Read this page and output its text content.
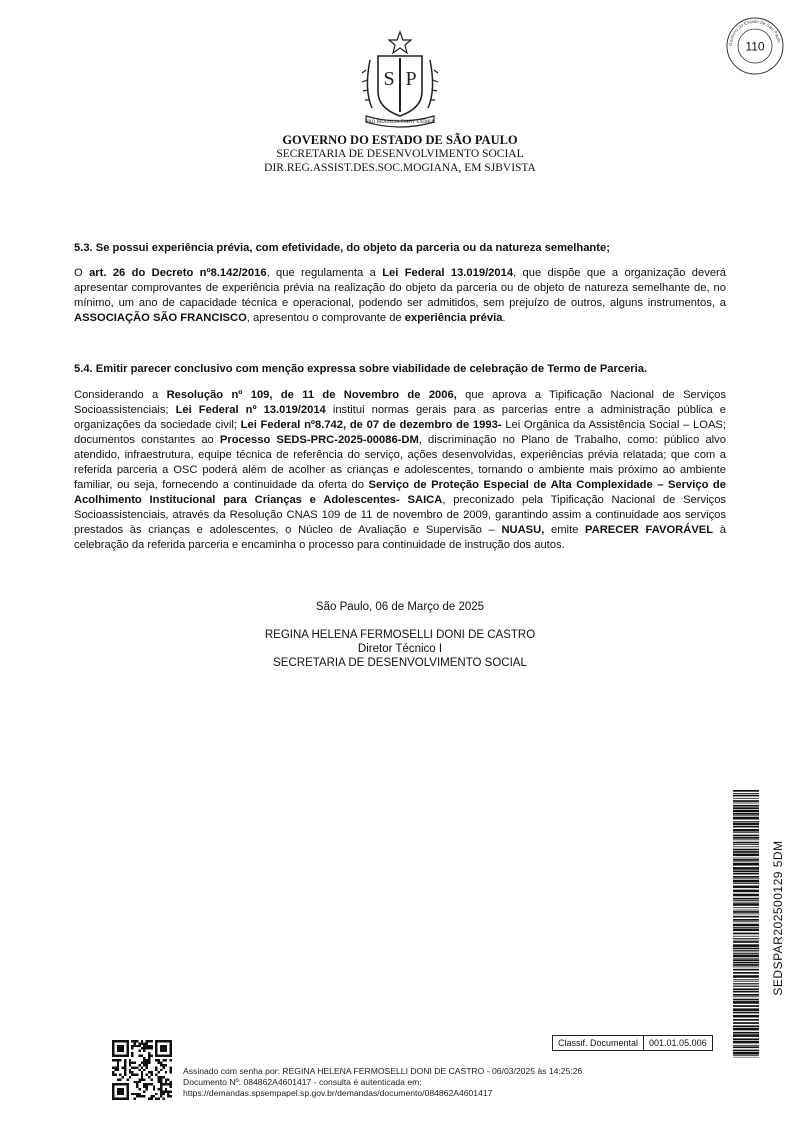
Governo do Estado de São Paulo
110
S P
PRO BRASILIA FIANT EXIMIA
GOVERNO DO ESTADO DE SÃO PAULO
SECRETARIA DE DESENVOLVIMENTO SOCIAL
DIR.REG.ASSIST.DES.SOC.MOGIANA, EM SJBVISTA
5.3. Se possui experiência prévia, com efetividade, do objeto da parceria ou da natureza semelhante;
O art. 26 do Decreto nº8.142/2016, que regulamenta a Lei Federal 13.019/2014, que dispõe que a organização deverá apresentar comprovantes de experiência prévia na realização do objeto da parceria ou de objeto de natureza semelhante de, no mínimo, um ano de capacidade técnica e operacional, podendo ser admitidos, sem prejuízo de outros, alguns instrumentos, a ASSOCIAÇÃO SÃO FRANCISCO, apresentou o comprovante de experiência prévia.
5.4. Emitir parecer conclusivo com menção expressa sobre viabilidade de celebração de Termo de Parceria.
Considerando a Resolução nº 109, de 11 de Novembro de 2006, que aprova a Tipificação Nacional de Serviços Socioassistenciais; Lei Federal nº 13.019/2014 institui normas gerais para as parcerias entre a administração pública e organizações da sociedade civil; Lei Federal nº8.742, de 07 de dezembro de 1993- Lei Orgânica da Assistência Social – LOAS; documentos constantes ao Processo SEDS-PRC-2025-00086-DM, discriminação no Plano de Trabalho, como: público alvo atendido, infraestrutura, equipe técnica de referência do serviço, ações desenvolvidas, experiências prévia relatada; que com a referida parceria a OSC poderá além de acolher as crianças e adolescentes, tornando o ambiente mais próximo ao ambiente familiar, ou seja, fornecendo a continuidade da oferta do Serviço de Proteção Especial de Alta Complexidade – Serviço de Acolhimento Institucional para Crianças e Adolescentes- SAICA, preconizado pela Tipificação Nacional de Serviços Socioassistenciais, através da Resolução CNAS 109 de 11 de novembro de 2009, garantindo assim a continuidade aos serviços prestados às crianças e adolescentes, o Núcleo de Avaliação e Supervisão – NUASU, emite PARECER FAVORÁVEL à celebração da referida parceria e encaminha o processo para continuidade de instrução dos autos.
São Paulo, 06 de Março de 2025
REGINA HELENA FERMOSELLI DONI DE CASTRO
Diretor Técnico I
SECRETARIA DE DESENVOLVIMENTO SOCIAL
SEDSPAR202500129 5DM
Classif. Documental	001.01.05.006
Assinado com senha por: REGINA HELENA FERMOSELLI DONI DE CASTRO - 06/03/2025 às 14:25:26
Documento Nº: 084862A4601417 - consulta é autenticada em:
https://demandas.spsempapel.sp.gov.br/demandas/documento/084862A4601417
